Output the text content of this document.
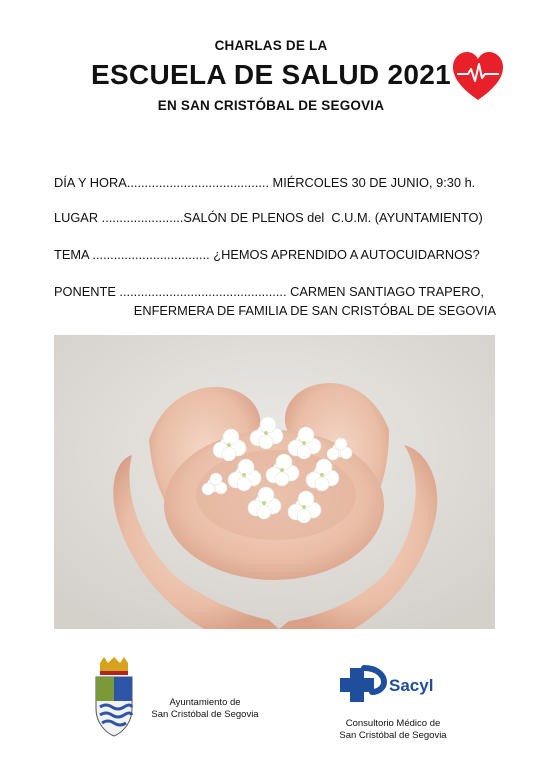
CHARLAS DE LA
ESCUELA DE SALUD 2021
EN SAN CRISTÓBAL DE SEGOVIA
DÍA Y HORA........................................ MIÉRCOLES 30 DE JUNIO, 9:30 h.
LUGAR .......................SALÓN DE PLENOS del  C.U.M. (AYUNTAMIENTO)
TEMA ................................. ¿HEMOS APRENDIDO A AUTOCUIDARNOS?
PONENTE ............................................... CARMEN SANTIAGO TRAPERO,
ENFERMERA DE FAMILIA DE SAN CRISTÓBAL DE SEGOVIA
Ayuntamiento de
San Cristóbal de Segovia
Sacyl
Consultorio Médico de
San Cristóbal de Segovia
